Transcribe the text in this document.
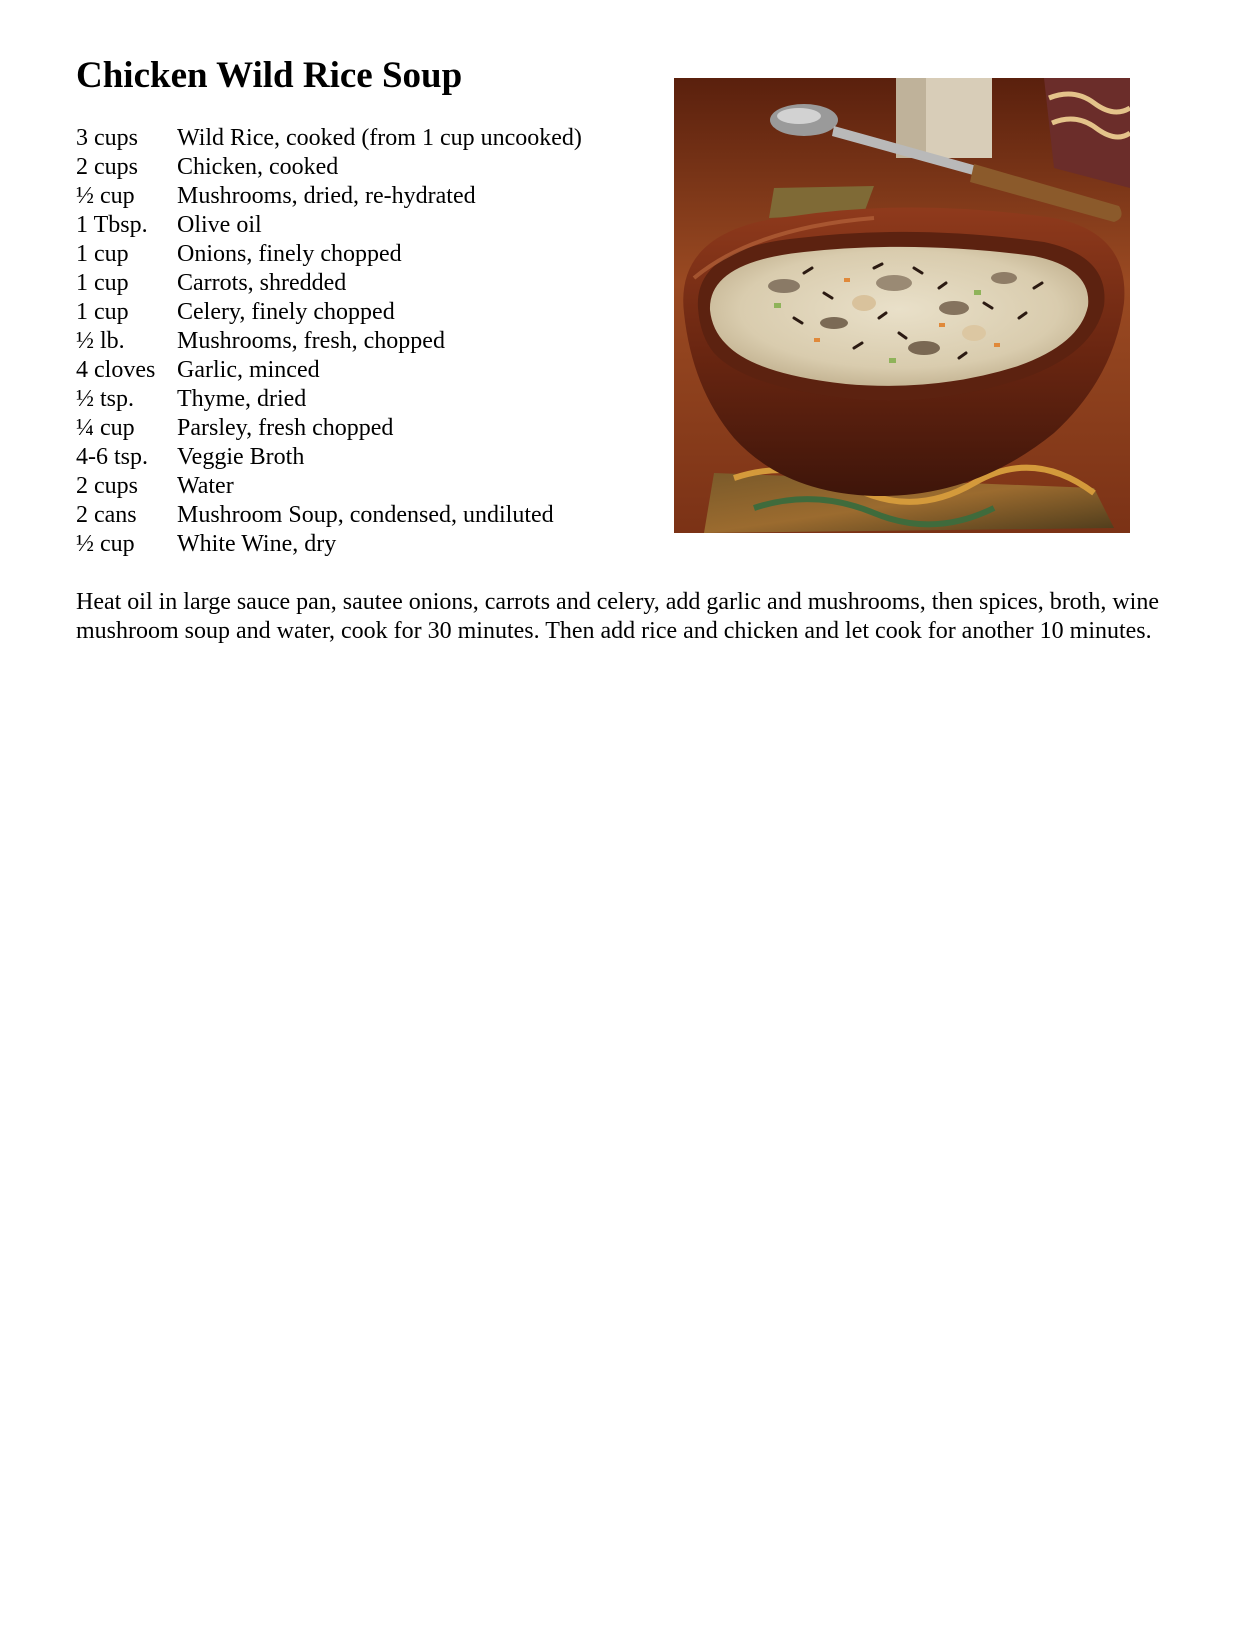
Chicken Wild Rice Soup
3 cups	Wild Rice, cooked (from 1 cup uncooked)
2 cups	Chicken, cooked
½ cup	Mushrooms, dried, re-hydrated
1 Tbsp.	Olive oil
1 cup	Onions, finely chopped
1 cup	Carrots, shredded
1 cup	Celery, finely chopped
½ lb.	Mushrooms, fresh, chopped
4 cloves Garlic, minced
½ tsp.	Thyme, dried
¼ cup	Parsley, fresh chopped
4-6 tsp.	Veggie Broth
2 cups	Water
2 cans	Mushroom Soup, condensed, undiluted
½ cup	White Wine, dry

Heat oil in large sauce pan, sautee onions, carrots and celery, add garlic and mushrooms, then spices, broth, wine mushroom soup and water, cook for 30 minutes. Then add rice and chicken and let cook for another 10 minutes.
